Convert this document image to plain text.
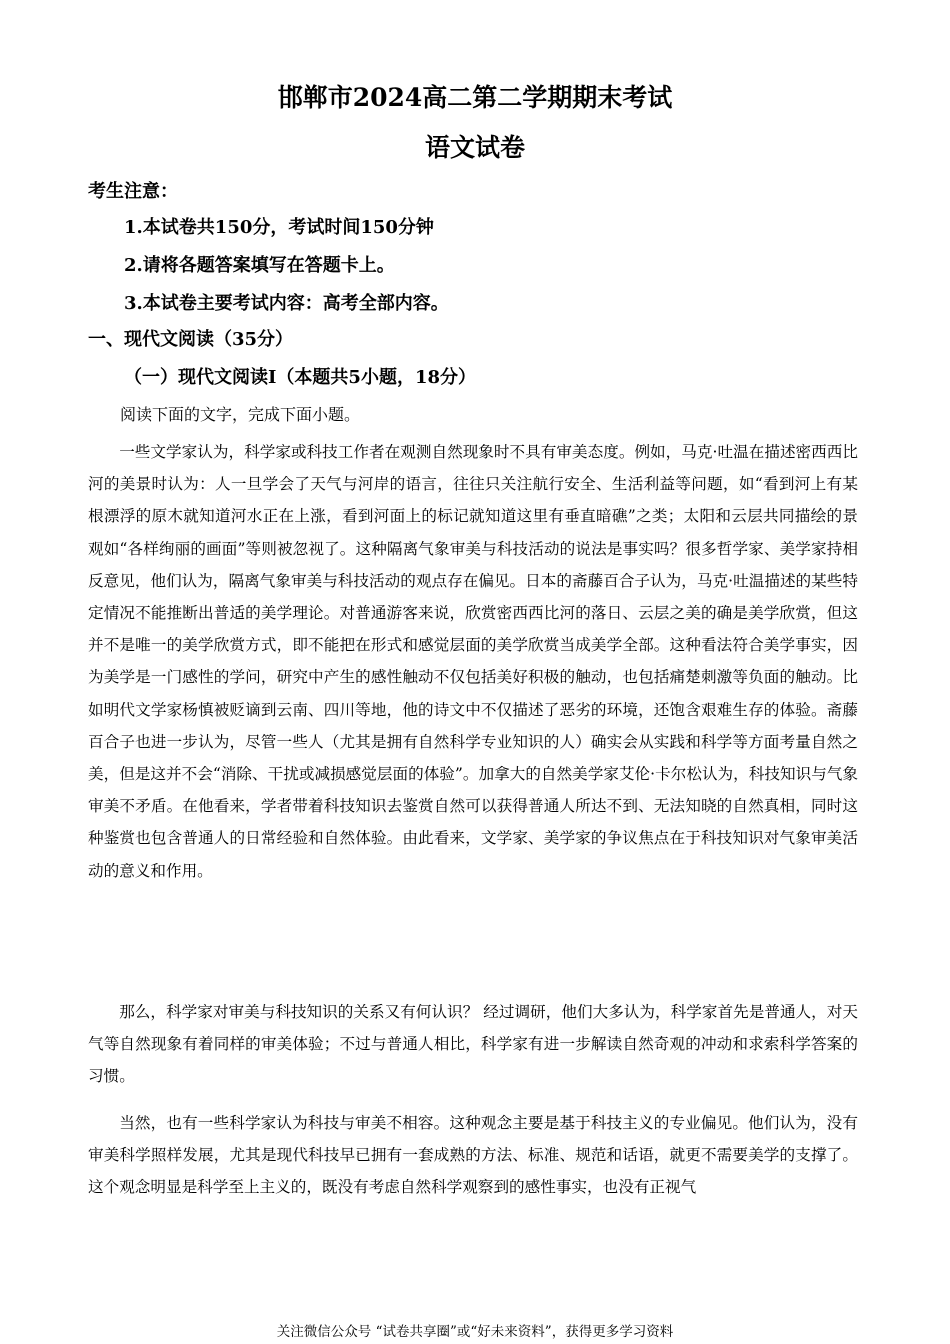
邯郸市2024高二第二学期期末考试
语文试卷

考生注意：

1.本试卷共150分，考试时间150分钟
2.请将各题答案填写在答题卡上。
3.本试卷主要考试内容：高考全部内容。

一、现代文阅读（35分）

（一）现代文阅读Ⅰ（本题共5小题，18分）

阅读下面的文字，完成下面小题。

一些文学家认为，科学家或科技工作者在观测自然现象时不具有审美态度。例如，马克·吐温在描述密西西比河的美景时认为：人一旦学会了天气与河岸的语言，往往只关注航行安全、生活利益等问题，如“看到河上有某根漂浮的原木就知道河水正在上涨，看到河面上的标记就知道这里有垂直暗礁”之类；太阳和云层共同描绘的景观如“各样绚丽的画面”等则被忽视了。这种隔离气象审美与科技活动的说法是事实吗？很多哲学家、美学家持相反意见，他们认为，隔离气象审美与科技活动的观点存在偏见。日本的斋藤百合子认为，马克·吐温描述的某些特定情况不能推断出普适的美学理论。对普通游客来说，欣赏密西西比河的落日、云层之美的确是美学欣赏，但这并不是唯一的美学欣赏方式，即不能把在形式和感觉层面的美学欣赏当成美学全部。这种看法符合美学事实，因为美学是一门感性的学问，研究中产生的感性触动不仅包括美好积极的触动，也包括痛楚刺激等负面的触动。比如明代文学家杨慎被贬谪到云南、四川等地，他的诗文中不仅描述了恶劣的环境，还饱含艰难生存的体验。斋藤百合子也进一步认为，尽管一些人（尤其是拥有自然科学专业知识的人）确实会从实践和科学等方面考量自然之美，但是这并不会“消除、干扰或减损感觉层面的体验”。加拿大的自然美学家艾伦·卡尔松认为，科技知识与气象审美不矛盾。在他看来，学者带着科技知识去鉴赏自然可以获得普通人所达不到、无法知晓的自然真相，同时这种鉴赏也包含普通人的日常经验和自然体验。由此看来，文学家、美学家的争议焦点在于科技知识对气象审美活动的意义和作用。

那么，科学家对审美与科技知识的关系又有何认识？ 经过调研，他们大多认为，科学家首先是普通人，对天气等自然现象有着同样的审美体验；不过与普通人相比，科学家有进一步解读自然奇观的冲动和求索科学答案的习惯。

当然，也有一些科学家认为科技与审美不相容。这种观念主要是基于科技主义的专业偏见。他们认为，没有审美科学照样发展，尤其是现代科技早已拥有一套成熟的方法、标准、规范和话语，就更不需要美学的支撑了。这个观念明显是科学至上主义的，既没有考虑自然科学观察到的感性事实，也没有正视气

关注微信公众号 “试卷共享圈”或“好未来资料”，获得更多学习资料
